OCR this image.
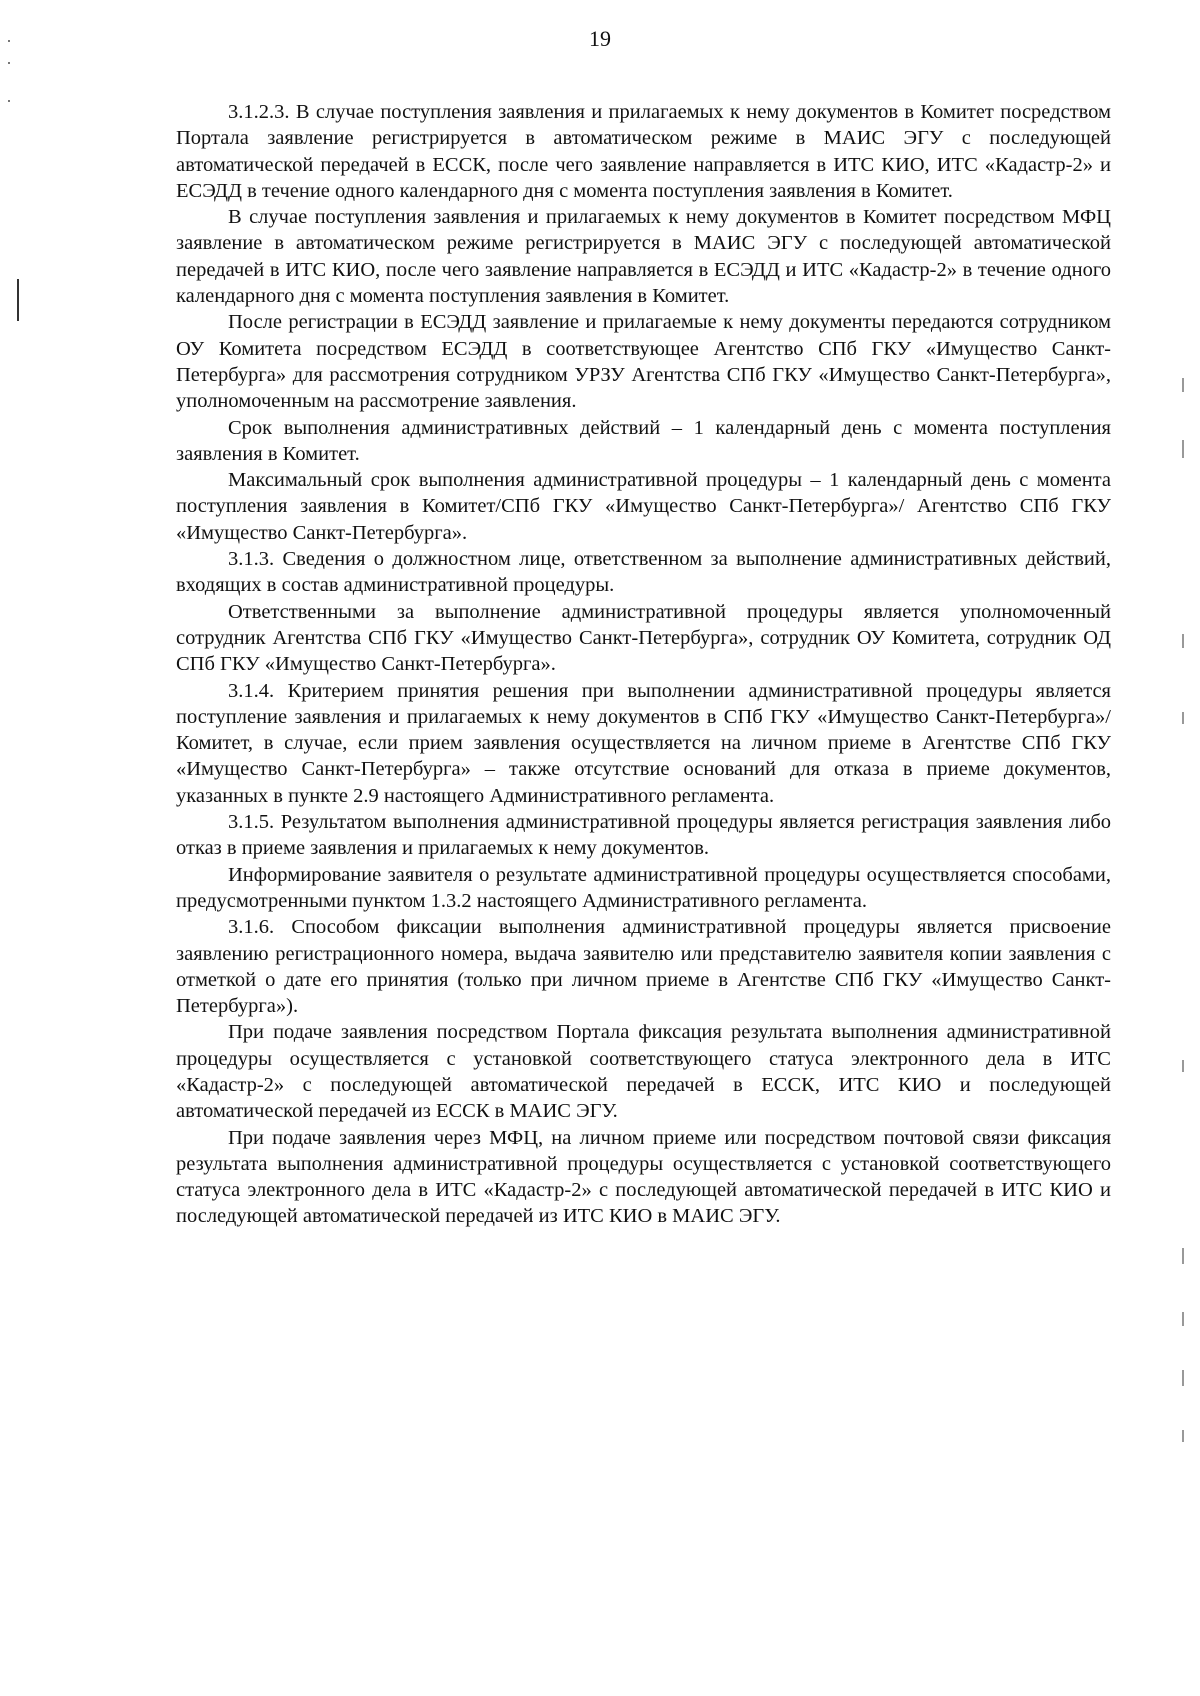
19

3.1.2.3. В случае поступления заявления и прилагаемых к нему документов в Комитет посредством Портала заявление регистрируется в автоматическом режиме в МАИС ЭГУ с последующей автоматической передачей в ЕССК, после чего заявление направляется в ИТС КИО, ИТС «Кадастр-2» и ЕСЭДД в течение одного календарного дня с момента поступления заявления в Комитет.

В случае поступления заявления и прилагаемых к нему документов в Комитет посредством МФЦ заявление в автоматическом режиме регистрируется в МАИС ЭГУ с последующей автоматической передачей в ИТС КИО, после чего заявление направляется в ЕСЭДД и ИТС «Кадастр-2» в течение одного календарного дня с момента поступления заявления в Комитет.

После регистрации в ЕСЭДД заявление и прилагаемые к нему документы передаются сотрудником ОУ Комитета посредством ЕСЭДД в соответствующее Агентство СПб ГКУ «Имущество Санкт-Петербурга» для рассмотрения сотрудником УРЗУ Агентства СПб ГКУ «Имущество Санкт-Петербурга», уполномоченным на рассмотрение заявления.

Срок выполнения административных действий – 1 календарный день с момента поступления заявления в Комитет.

Максимальный срок выполнения административной процедуры – 1 календарный день с момента поступления заявления в Комитет/СПб ГКУ «Имущество Санкт-Петербурга»/ Агентство СПб ГКУ «Имущество Санкт-Петербурга».

3.1.3. Сведения о должностном лице, ответственном за выполнение административных действий, входящих в состав административной процедуры.

Ответственными за выполнение административной процедуры является уполномоченный сотрудник Агентства СПб ГКУ «Имущество Санкт-Петербурга», сотрудник ОУ Комитета, сотрудник ОД СПб ГКУ «Имущество Санкт-Петербурга».

3.1.4. Критерием принятия решения при выполнении административной процедуры является поступление заявления и прилагаемых к нему документов в СПб ГКУ «Имущество Санкт-Петербурга»/Комитет, в случае, если прием заявления осуществляется на личном приеме в Агентстве СПб ГКУ «Имущество Санкт-Петербурга» – также отсутствие оснований для отказа в приеме документов, указанных в пункте 2.9 настоящего Административного регламента.

3.1.5. Результатом выполнения административной процедуры является регистрация заявления либо отказ в приеме заявления и прилагаемых к нему документов.

Информирование заявителя о результате административной процедуры осуществляется способами, предусмотренными пунктом 1.3.2 настоящего Административного регламента.

3.1.6. Способом фиксации выполнения административной процедуры является присвоение заявлению регистрационного номера, выдача заявителю или представителю заявителя копии заявления с отметкой о дате его принятия (только при личном приеме в Агентстве СПб ГКУ «Имущество Санкт-Петербурга»).

При подаче заявления посредством Портала фиксация результата выполнения административной процедуры осуществляется с установкой соответствующего статуса электронного дела в ИТС «Кадастр-2» с последующей автоматической передачей в ЕССК, ИТС КИО и последующей автоматической передачей из ЕССК в МАИС ЭГУ.

При подаче заявления через МФЦ, на личном приеме или посредством почтовой связи фиксация результата выполнения административной процедуры осуществляется с установкой соответствующего статуса электронного дела в ИТС «Кадастр-2» с последующей автоматической передачей в ИТС КИО и последующей автоматической передачей из ИТС КИО в МАИС ЭГУ.
